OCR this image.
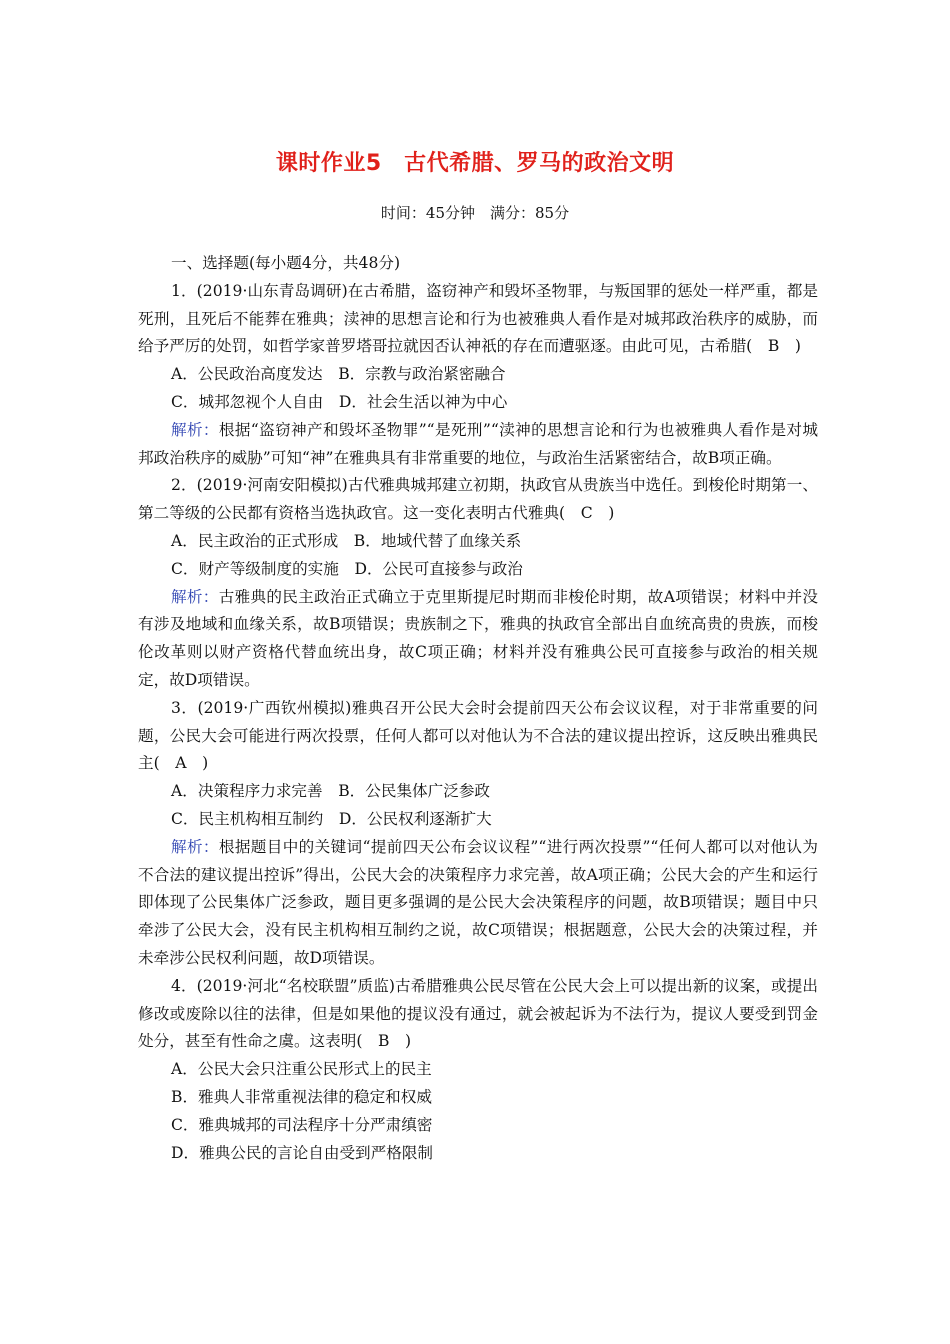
课时作业5　古代希腊、罗马的政治文明
时间：45分钟　满分：85分

一、选择题(每小题4分，共48分)

1．(2019·山东青岛调研)在古希腊，盗窃神产和毁坏圣物罪，与叛国罪的惩处一样严重，都是死刑，且死后不能葬在雅典；渎神的思想言论和行为也被雅典人看作是对城邦政治秩序的威胁，而给予严厉的处罚，如哲学家普罗塔哥拉就因否认神祇的存在而遭驱逐。由此可见，古希腊(　B　)

A．公民政治高度发达　B．宗教与政治紧密融合

C．城邦忽视个人自由　D．社会生活以神为中心

解析：根据“盗窃神产和毁坏圣物罪”“是死刑”“渎神的思想言论和行为也被雅典人看作是对城邦政治秩序的威胁”可知“神”在雅典具有非常重要的地位，与政治生活紧密结合，故B项正确。

2．(2019·河南安阳模拟)古代雅典城邦建立初期，执政官从贵族当中选任。到梭伦时期第一、第二等级的公民都有资格当选执政官。这一变化表明古代雅典(　C　)

A．民主政治的正式形成　B．地域代替了血缘关系

C．财产等级制度的实施　D．公民可直接参与政治

解析：古雅典的民主政治正式确立于克里斯提尼时期而非梭伦时期，故A项错误；材料中并没有涉及地域和血缘关系，故B项错误；贵族制之下，雅典的执政官全部出自血统高贵的贵族，而梭伦改革则以财产资格代替血统出身，故C项正确；材料并没有雅典公民可直接参与政治的相关规定，故D项错误。

3．(2019·广西钦州模拟)雅典召开公民大会时会提前四天公布会议议程，对于非常重要的问题，公民大会可能进行两次投票，任何人都可以对他认为不合法的建议提出控诉，这反映出雅典民主(　A　)

A．决策程序力求完善　B．公民集体广泛参政

C．民主机构相互制约　D．公民权利逐渐扩大

解析：根据题目中的关键词“提前四天公布会议议程”“进行两次投票”“任何人都可以对他认为不合法的建议提出控诉”得出，公民大会的决策程序力求完善，故A项正确；公民大会的产生和运行即体现了公民集体广泛参政，题目更多强调的是公民大会决策程序的问题，故B项错误；题目中只牵涉了公民大会，没有民主机构相互制约之说，故C项错误；根据题意，公民大会的决策过程，并未牵涉公民权利问题，故D项错误。

4．(2019·河北“名校联盟”质监)古希腊雅典公民尽管在公民大会上可以提出新的议案，或提出修改或废除以往的法律，但是如果他的提议没有通过，就会被起诉为不法行为，提议人要受到罚金处分，甚至有性命之虞。这表明(　B　)

A．公民大会只注重公民形式上的民主

B．雅典人非常重视法律的稳定和权威

C．雅典城邦的司法程序十分严肃缜密

D．雅典公民的言论自由受到严格限制
